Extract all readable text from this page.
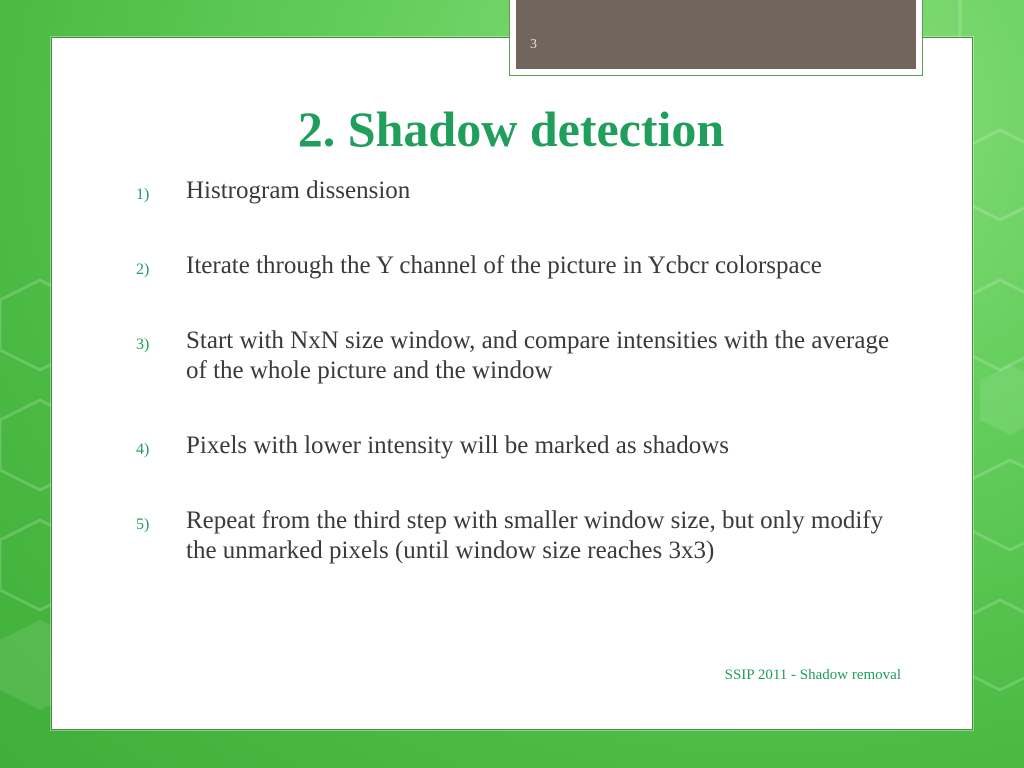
3
2. Shadow detection
1) Histrogram dissension
2) Iterate through the Y channel of the picture in Ycbcr colorspace
3) Start with NxN size window, and compare intensities with the average of the whole picture and the window
4) Pixels with lower intensity will be marked as shadows
5) Repeat from the third step with smaller window size, but only modify the unmarked pixels (until window size reaches 3x3)
SSIP 2011 - Shadow removal
